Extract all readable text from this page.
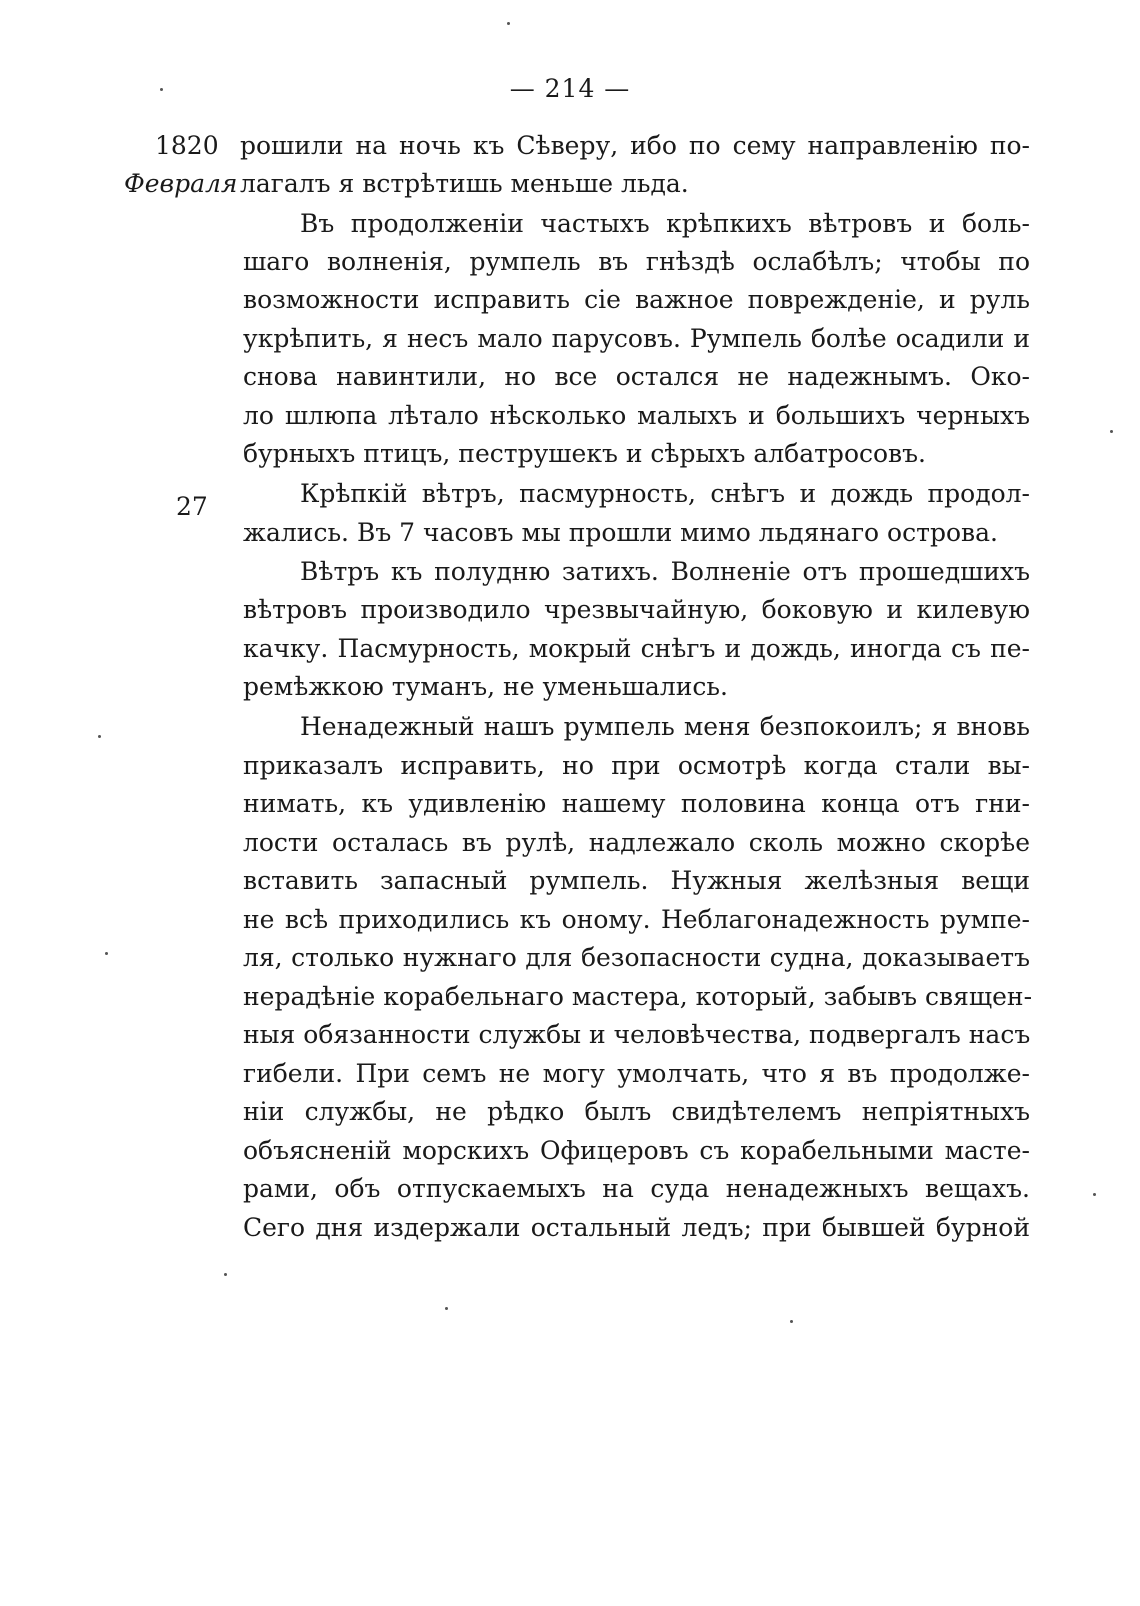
— 214 —
1820
Февраля
27
рошили на ночь къ Сѣверу, ибо по сему направленію по-
лагалъ я встрѣтишь меньше льда.
Въ продолженіи частыхъ крѣпкихъ вѣтровъ и боль-
шаго волненія, румпель въ гнѣздѣ ослабѣлъ; чтобы по
возможности исправить сіе важное поврежденіе, и руль
укрѣпить, я несъ мало парусовъ. Румпель болѣе осадили и
снова навинтили, но все остался не надежнымъ. Око-
ло шлюпа лѣтало нѣсколько малыхъ и большихъ черныхъ
бурныхъ птицъ, пеструшекъ и сѣрыхъ албатросовъ.
Крѣпкій вѣтръ, пасмурность, снѣгъ и дождь продол-
жались. Въ 7 часовъ мы прошли мимо льдянаго острова.
Вѣтръ къ полудню затихъ. Волненіе отъ прошедшихъ
вѣтровъ производило чрезвычайную, боковую и килевую
качку. Пасмурность, мокрый снѣгъ и дождь, иногда съ пе-
ремѣжкою туманъ, не уменьшались.
Ненадежный нашъ румпель меня безпокоилъ; я вновь
приказалъ исправить, но при осмотрѣ когда стали вы-
нимать, къ удивленію нашему половина конца отъ гни-
лости осталась въ рулѣ, надлежало сколь можно скорѣе
вставить запасный румпель. Нужныя желѣзныя вещи
не всѣ приходились къ оному. Неблагонадежность румпе-
ля, столько нужнаго для безопасности судна, доказываетъ
нерадѣніе корабельнаго мастера, который, забывъ священ-
ныя обязанности службы и человѣчества, подвергалъ насъ
гибели. При семъ не могу умолчать, что я въ продолже-
ніи службы, не рѣдко былъ свидѣтелемъ непріятныхъ
объясненій морскихъ Офицеровъ съ корабельными масте-
рами, объ отпускаемыхъ на суда ненадежныхъ вещахъ.
Сего дня издержали остальный ледъ; при бывшей бурной
